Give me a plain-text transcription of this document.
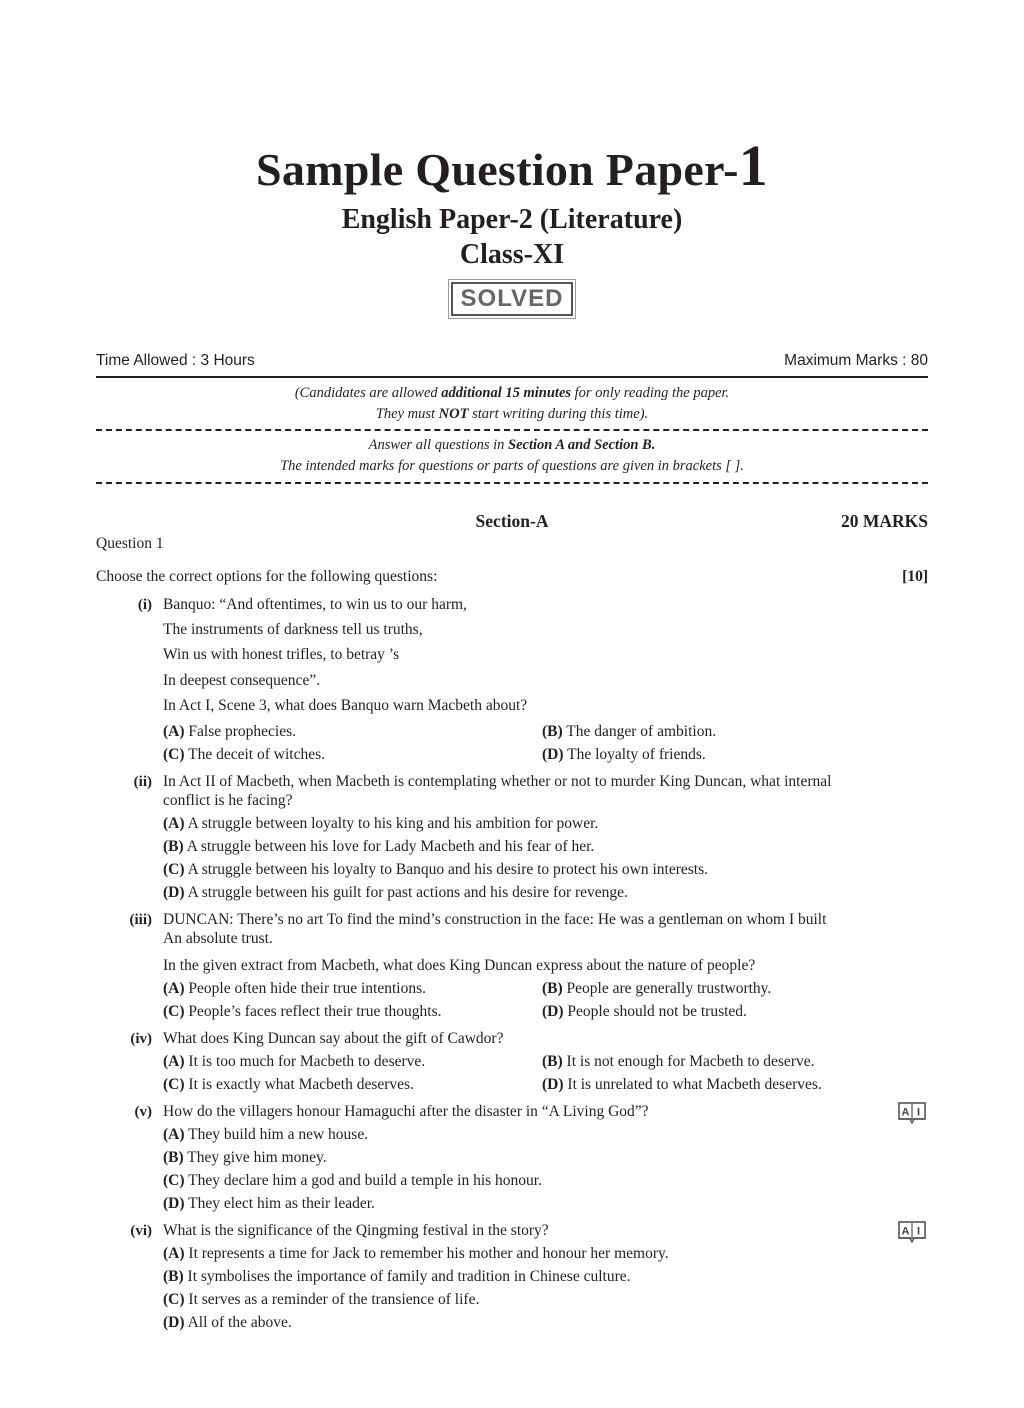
Sample Question Paper-1
English Paper-2 (Literature)
Class-XI
SOLVED
Time Allowed : 3 Hours	Maximum Marks : 80
(Candidates are allowed additional 15 minutes for only reading the paper.
They must NOT start writing during this time).
Answer all questions in Section A and Section B.
The intended marks for questions or parts of questions are given in brackets [ ].
Section-A	20 MARKS
Question 1
Choose the correct options for the following questions:	[10]
(i) Banquo: “And oftentimes, to win us to our harm,
The instruments of darkness tell us truths,
Win us with honest trifles, to betray ’s
In deepest consequence”.
In Act I, Scene 3, what does Banquo warn Macbeth about?
(A) False prophecies.	(B) The danger of ambition.
(C) The deceit of witches.	(D) The loyalty of friends.
(ii) In Act II of Macbeth, when Macbeth is contemplating whether or not to murder King Duncan, what internal
conflict is he facing?
(A) A struggle between loyalty to his king and his ambition for power.
(B) A struggle between his love for Lady Macbeth and his fear of her.
(C) A struggle between his loyalty to Banquo and his desire to protect his own interests.
(D) A struggle between his guilt for past actions and his desire for revenge.
(iii) DUNCAN: There’s no art To find the mind’s construction in the face: He was a gentleman on whom I built
An absolute trust.
In the given extract from Macbeth, what does King Duncan express about the nature of people?
(A) People often hide their true intentions.	(B) People are generally trustworthy.
(C) People’s faces reflect their true thoughts.	(D) People should not be trusted.
(iv) What does King Duncan say about the gift of Cawdor?
(A) It is too much for Macbeth to deserve.	(B) It is not enough for Macbeth to deserve.
(C) It is exactly what Macbeth deserves.	(D) It is unrelated to what Macbeth deserves.
(v) How do the villagers honour Hamaguchi after the disaster in “A Living God”?	A I
(A) They build him a new house.
(B) They give him money.
(C) They declare him a god and build a temple in his honour.
(D) They elect him as their leader.
(vi) What is the significance of the Qingming festival in the story?	A I
(A) It represents a time for Jack to remember his mother and honour her memory.
(B) It symbolises the importance of family and tradition in Chinese culture.
(C) It serves as a reminder of the transience of life.
(D) All of the above.
